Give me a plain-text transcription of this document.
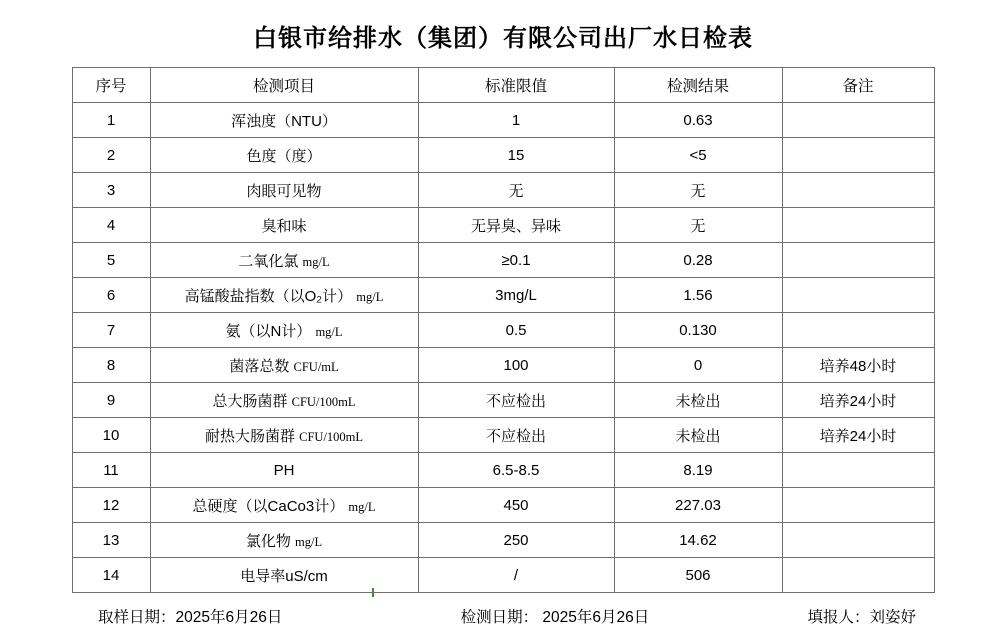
白银市给排水（集团）有限公司出厂水日检表
序号	检测项目	标准限值	检测结果	备注
1	浑浊度（NTU）	1	0.63	
2	色度（度）	15	<5	
3	肉眼可见物	无	无	
4	臭和味	无异臭、异味	无	
5	二氧化氯 mg/L	≥0.1	0.28	
6	高锰酸盐指数（以O₂计） mg/L	3mg/L	1.56	
7	氨（以N计） mg/L	0.5	0.130	
8	菌落总数 CFU/mL	100	0	培养48小时
9	总大肠菌群 CFU/100mL	不应检出	未检出	培养24小时
10	耐热大肠菌群 CFU/100mL	不应检出	未检出	培养24小时
11	PH	6.5-8.5	8.19	
12	总硬度（以CaCo3计） mg/L	450	227.03	
13	氯化物 mg/L	250	14.62	
14	电导率uS/cm	/	506	
取样日期：2025年6月26日	检测日期： 2025年6月26日	填报人：刘姿妤
